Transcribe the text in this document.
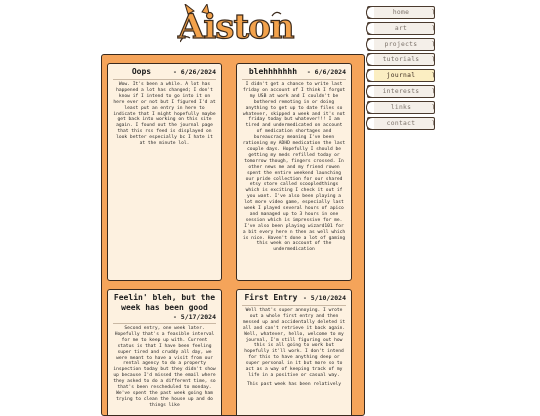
Aiston
Oops	- 6/26/2024

Wow. It's been a while. A lot has happened a lot has changed; I don't know if I intend to go into it on here ever or not but I figured I'd at least put an entry in here to indicate that I might hopefully maybe get back into working on this site again. I found out the journal page that this rss feed is displayed on look better especially bc I hate it at the minute lol.

blehhhhhhh	- 6/6/2024

I didn't get a chance to write last friday on account of I think I forgot my USB at work and I couldn't be bothered remoting in or doing anything to get up to date files so whatever, skipped a week and it's not friday today but whatever!!! I am tired and undermedicated on account of medication shortages and bureaucracy meaning I've been rationing my ADHD medication the last couple days. Hopefully I should be getting my meds refilled today or tomorrow though, fingers crossed. In other news me and my friend rowen spent the entire weekend launching our pride collection for our shared etsy store called scoopledthings which is exciting I check it out if you want. I've also been playing a lot more video game, especially last week I played several hours of apico and managed up to 3 hours in one session which is impressive for me. I've also been playing wizard101 for a bit every here n then as well which is nice. Haven't done a lot of gaming this week on account of the undermedication

Feelin' bleh, but the week has been good
- 5/17/2024

Second entry, one week later. Hopefully that's a feasible interval for me to keep up with. Current status is that I have been feeling super tired and cruddy all day, we were meant to have a visit from our rental agency to do a property inspection today but they didn't show up because I'd missed the email where they asked to do a different time, so that's been rescheduled to monday. We've spent the past week going ham trying to clean the house up and do things like

First Entry - 5/10/2024

Well that's super annoying. I wrote out a whole first entry and then messed up and accidentally deleted it all and can't retrieve it back again. Well, whatever, hello, welcome to my journal, I'm still figuring out how this is all going to work but hopefully it'll work. I don't intend for this to have anything deep or super personal in it but more so to act as a way of keeping track of my life in a positive or casual way.

This past week has been relatively

home	ʅ
art	ʅ
projects ʅ
tutorials ʅ
journal	ʅ
interests ʅ
links	ʅ
contact	ʅ
